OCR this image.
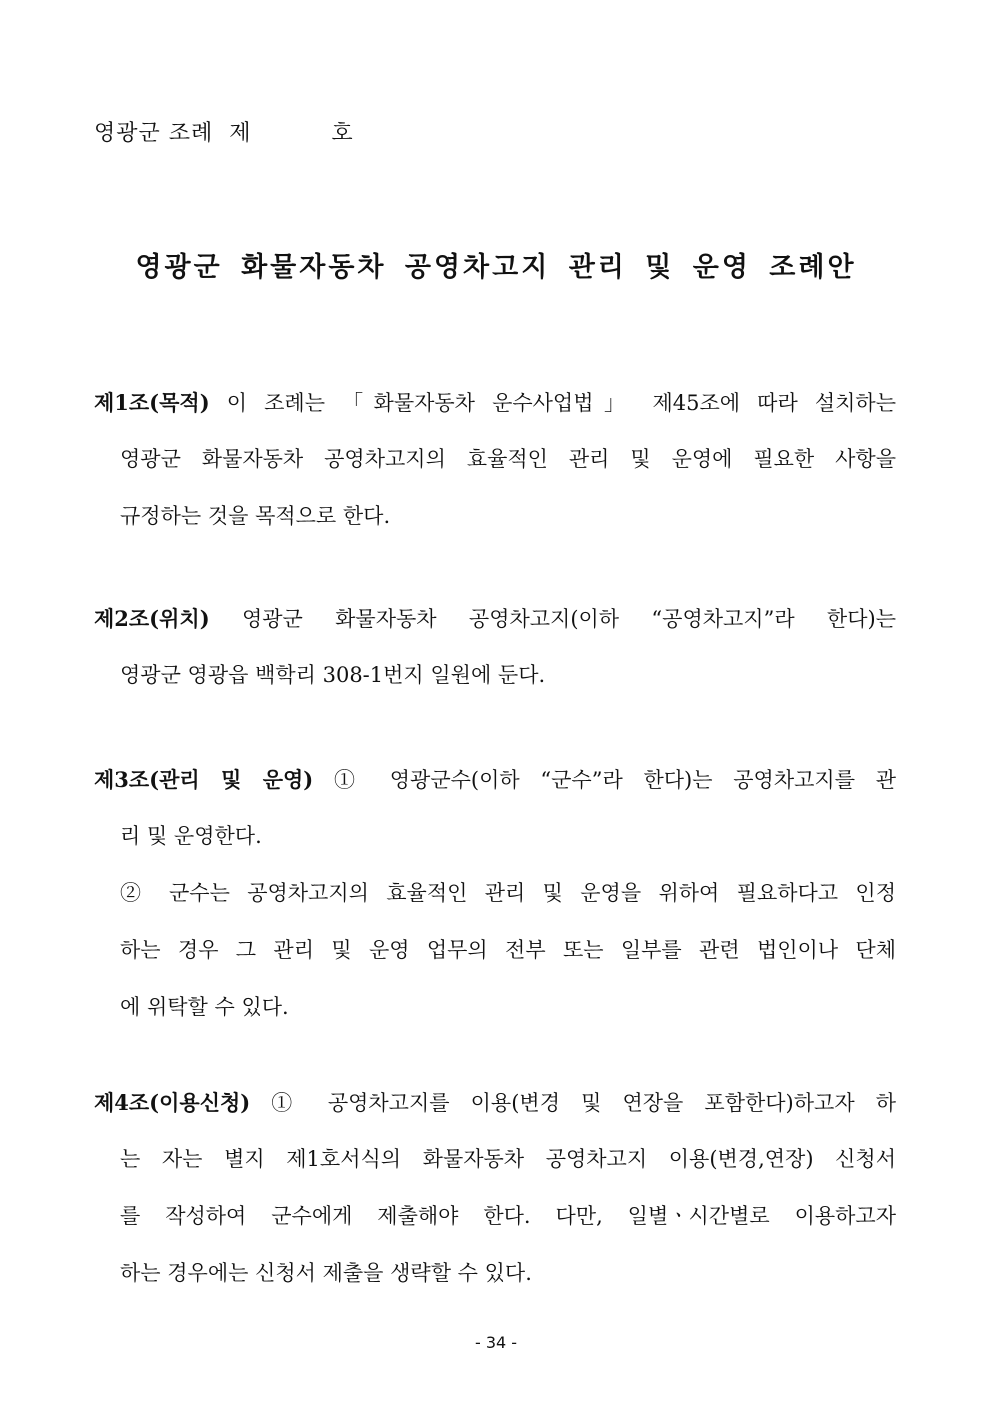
영광군 조례  제          호
영광군 화물자동차 공영차고지 관리 및 운영 조례안
제1조(목적) 이 조례는 「화물자동차 운수사업법」 제45조에 따라 설치하는
영광군 화물자동차 공영차고지의 효율적인 관리 및 운영에 필요한 사항을
규정하는 것을 목적으로 한다.
제2조(위치) 영광군 화물자동차 공영차고지(이하 “공영차고지”라 한다)는
영광군 영광읍 백학리 308-1번지 일원에 둔다.
제3조(관리 및 운영) ① 영광군수(이하 “군수”라 한다)는 공영차고지를 관
리 및 운영한다.
② 군수는 공영차고지의 효율적인 관리 및 운영을 위하여 필요하다고 인정
하는 경우 그 관리 및 운영 업무의 전부 또는 일부를 관련 법인이나 단체
에 위탁할 수 있다.
제4조(이용신청) ① 공영차고지를 이용(변경 및 연장을 포함한다)하고자 하
는 자는 별지 제1호서식의 화물자동차 공영차고지 이용(변경,연장) 신청서
를 작성하여 군수에게 제출해야 한다. 다만, 일별ㆍ시간별로 이용하고자
하는 경우에는 신청서 제출을 생략할 수 있다.
- 34 -
